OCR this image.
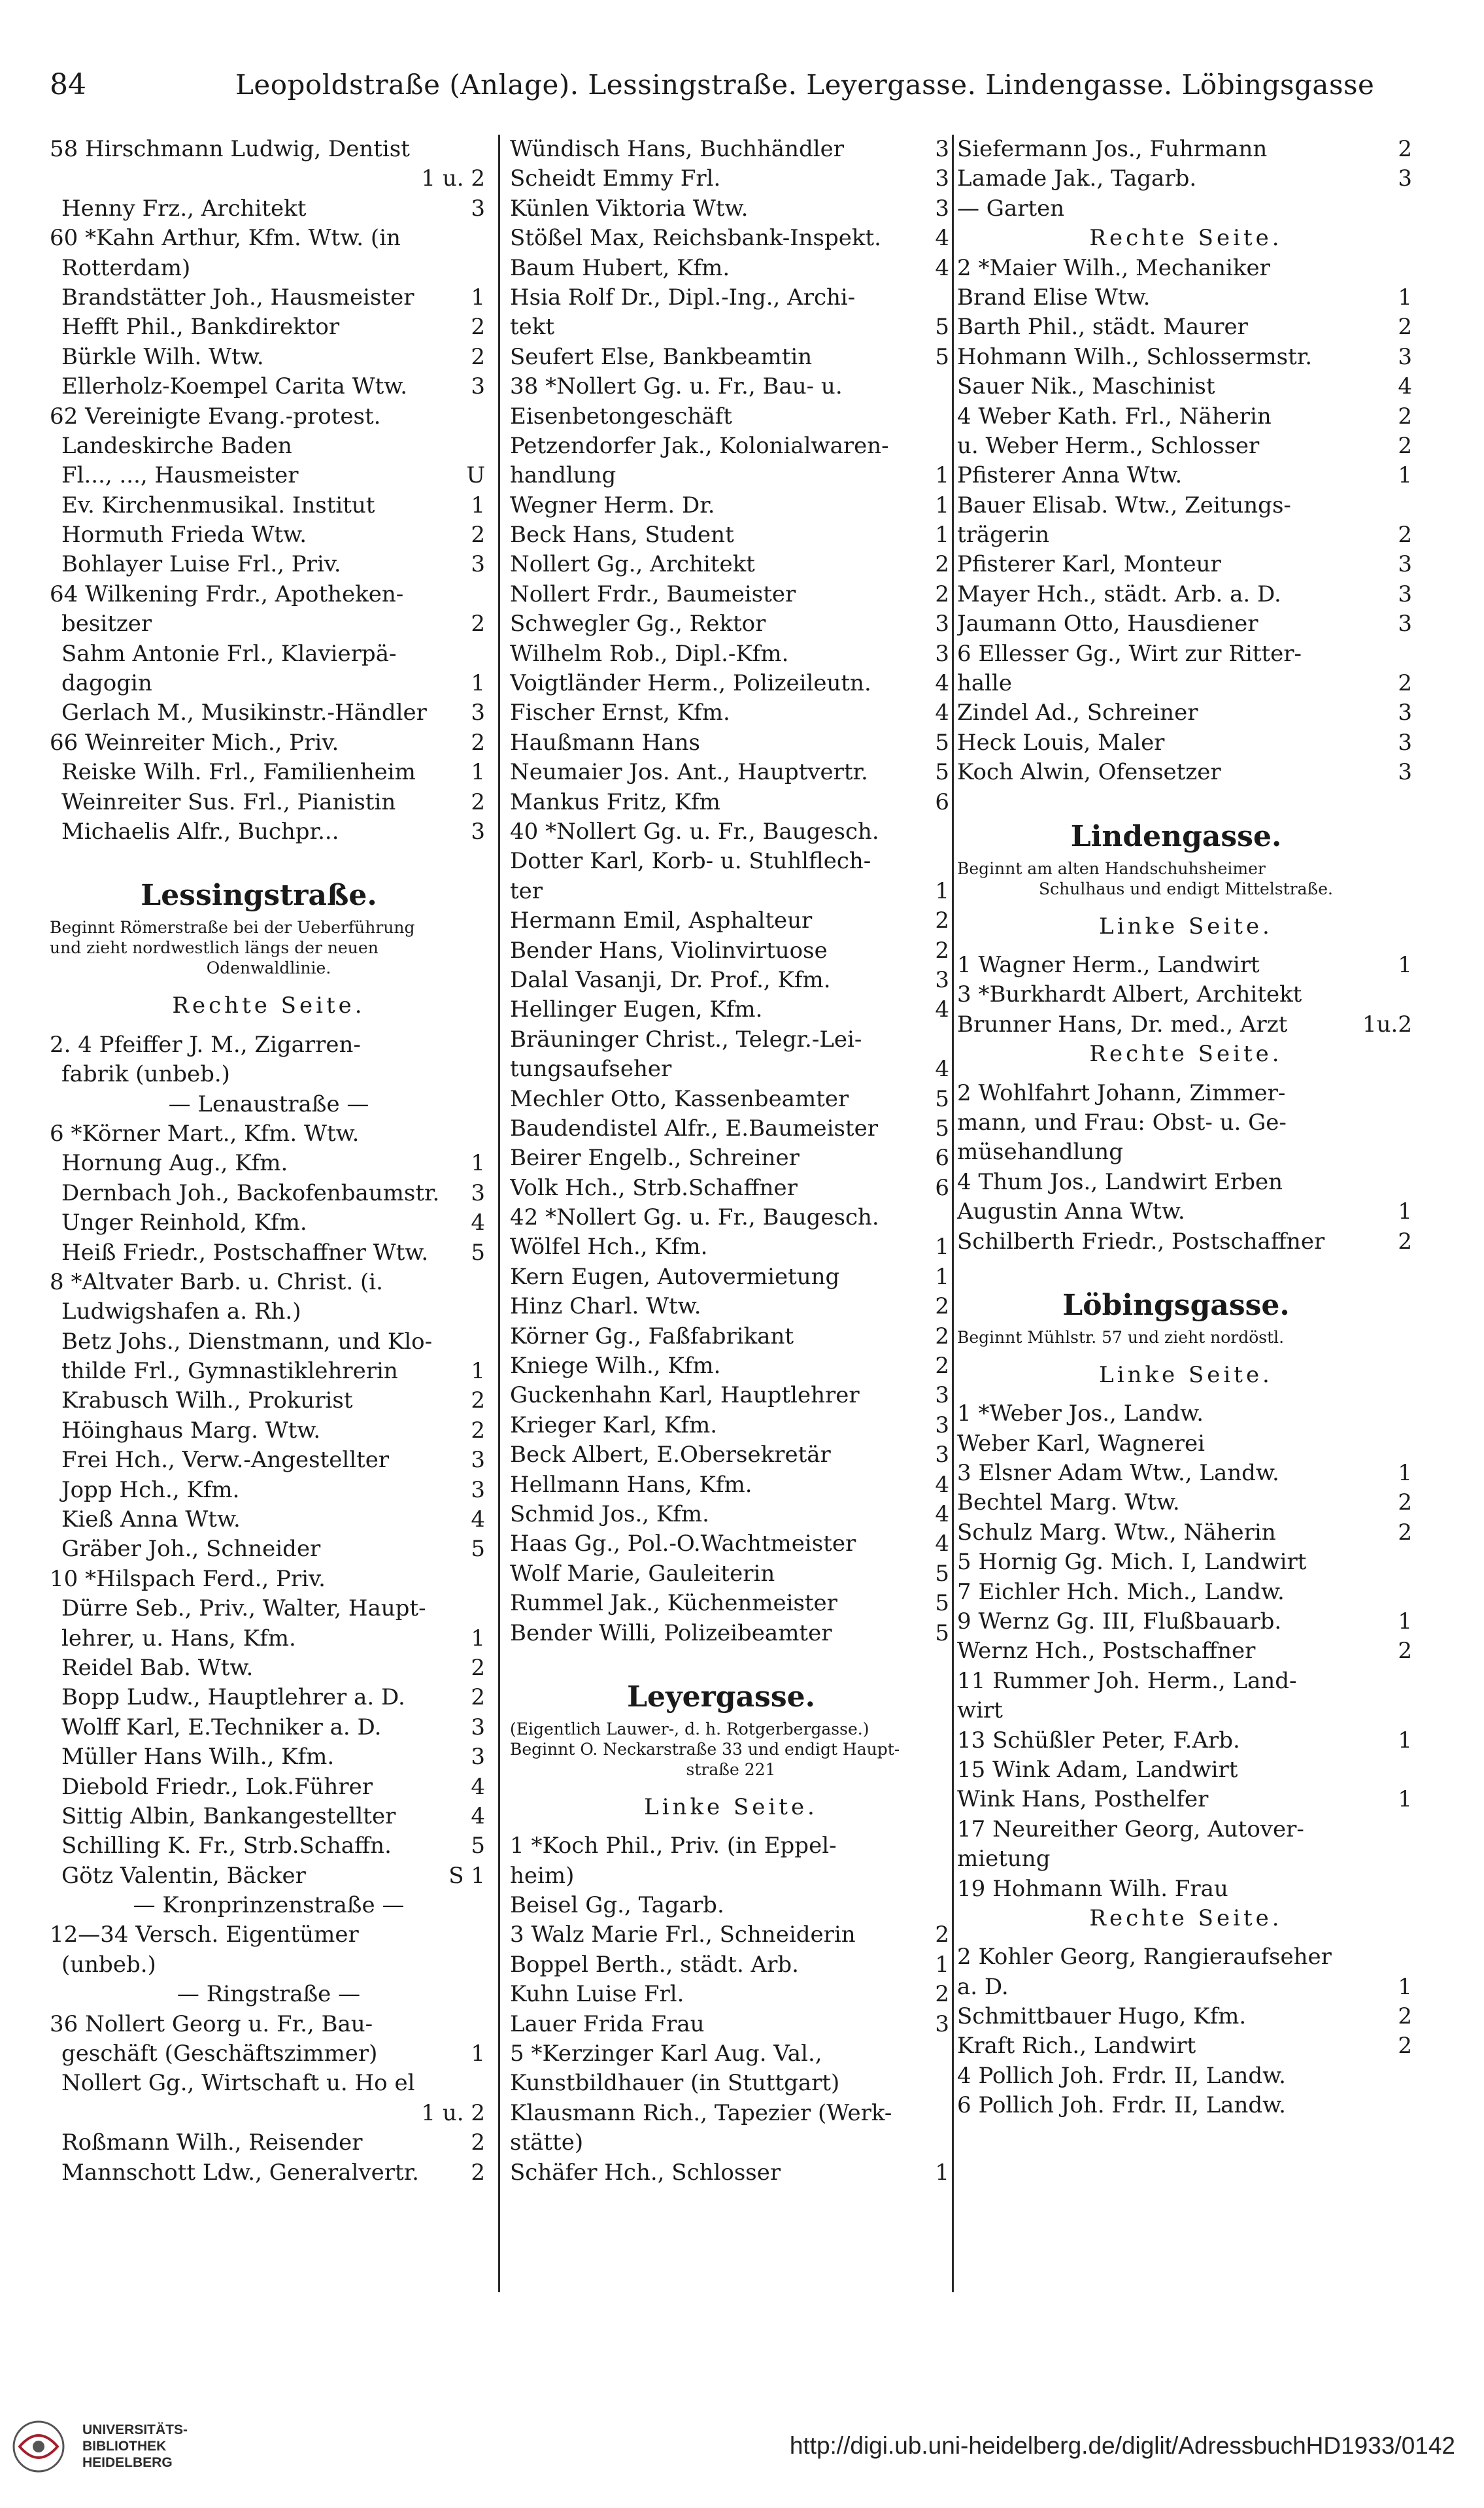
84	Leopoldstraße (Anlage). Lessingstraße. Leyergasse. Lindengasse. Löbingsgasse
58 Hirschmann Ludwig, Dentist
1 u. 2
Henny Frz., Architekt	3
60 *Kahn Arthur, Kfm. Wtw. (in
Rotterdam)
Brandstätter Joh., Hausmeister	1
Hefft Phil., Bankdirektor	2
Bürkle Wilh. Wtw.	2
Ellerholz-Koempel Carita Wtw.	3
62 Vereinigte Evang.-protest.
Landeskirche Baden
Fl..., ..., Hausmeister	U
Ev. Kirchenmusikal. Institut	1
Hormuth Frieda Wtw.	2
Bohlayer Luise Frl., Priv.	3
64 Wilkening Frdr., Apotheken-
besitzer	2
Sahm Antonie Frl., Klavierpä-
dagogin	1
Gerlach M., Musikinstr.-Händler	3
66 Weinreiter Mich., Priv.	2
Reiske Wilh. Frl., Familienheim	1
Weinreiter Sus. Frl., Pianistin	2
Michaelis Alfr., Buchpr...	3
Lessingstraße.
Beginnt Römerstraße bei der Ueberführung
und zieht nordwestlich längs der neuen
Odenwaldlinie.
Rechte Seite.
2. 4 Pfeiffer J. M., Zigarren-
fabrik (unbeb.)
— Lenaustraße —
6 *Körner Mart., Kfm. Wtw.
Hornung Aug., Kfm.	1
Dernbach Joh., Backofenbaumstr.	3
Unger Reinhold, Kfm.	4
Heiß Friedr., Postschaffner Wtw.	5
8 *Altvater Barb. u. Christ. (i.
Ludwigshafen a. Rh.)
Betz Johs., Dienstmann, und Klo-
thilde Frl., Gymnastiklehrerin	1
Krabusch Wilh., Prokurist	2
Höinghaus Marg. Wtw.	2
Frei Hch., Verw.-Angestellter	3
Jopp Hch., Kfm.	3
Kieß Anna Wtw.	4
Gräber Joh., Schneider	5
10 *Hilspach Ferd., Priv.
Dürre Seb., Priv., Walter, Haupt-
lehrer, u. Hans, Kfm.	1
Reidel Bab. Wtw.	2
Bopp Ludw., Hauptlehrer a. D.	2
Wolff Karl, E.Techniker a. D.	3
Müller Hans Wilh., Kfm.	3
Diebold Friedr., Lok.Führer	4
Sittig Albin, Bankangestellter	4
Schilling K. Fr., Strb.Schaffn.	5
Götz Valentin, Bäcker	S 1
— Kronprinzenstraße —
12—34 Versch. Eigentümer
(unbeb.)
— Ringstraße —
36 Nollert Georg u. Fr., Bau-
geschäft (Geschäftszimmer)	1
Nollert Gg., Wirtschaft u. Ho el
1 u. 2
Roßmann Wilh., Reisender	2
Mannschott Ldw., Generalvertr.	2
Wündisch Hans, Buchhändler	3
Scheidt Emmy Frl.	3
Künlen Viktoria Wtw.	3
Stößel Max, Reichsbank-Inspekt.	4
Baum Hubert, Kfm.	4
Hsia Rolf Dr., Dipl.-Ing., Archi-
tekt	5
Seufert Else, Bankbeamtin	5
38 *Nollert Gg. u. Fr., Bau- u.
Eisenbetongeschäft
Petzendorfer Jak., Kolonialwaren-
handlung	1
Wegner Herm. Dr.	1
Beck Hans, Student	1
Nollert Gg., Architekt	2
Nollert Frdr., Baumeister	2
Schwegler Gg., Rektor	3
Wilhelm Rob., Dipl.-Kfm.	3
Voigtländer Herm., Polizeileutn.	4
Fischer Ernst, Kfm.	4
Haußmann Hans	5
Neumaier Jos. Ant., Hauptvertr.	5
Mankus Fritz, Kfm	6
40 *Nollert Gg. u. Fr., Baugesch.
Dotter Karl, Korb- u. Stuhlflech-
ter	1
Hermann Emil, Asphalteur	2
Bender Hans, Violinvirtuose	2
Dalal Vasanji, Dr. Prof., Kfm.	3
Hellinger Eugen, Kfm.	4
Bräuninger Christ., Telegr.-Lei-
tungsaufseher	4
Mechler Otto, Kassenbeamter	5
Baudendistel Alfr., E.Baumeister	5
Beirer Engelb., Schreiner	6
Volk Hch., Strb.Schaffner	6
42 *Nollert Gg. u. Fr., Baugesch.
Wölfel Hch., Kfm.	1
Kern Eugen, Autovermietung	1
Hinz Charl. Wtw.	2
Körner Gg., Faßfabrikant	2
Kniege Wilh., Kfm.	2
Guckenhahn Karl, Hauptlehrer	3
Krieger Karl, Kfm.	3
Beck Albert, E.Obersekretär	3
Hellmann Hans, Kfm.	4
Schmid Jos., Kfm.	4
Haas Gg., Pol.-O.Wachtmeister	4
Wolf Marie, Gauleiterin	5
Rummel Jak., Küchenmeister	5
Bender Willi, Polizeibeamter	5
Leyergasse.
(Eigentlich Lauwer-, d. h. Rotgerbergasse.)
Beginnt O. Neckarstraße 33 und endigt Haupt-
straße 221
Linke Seite.
1 *Koch Phil., Priv. (in Eppel-
heim)
Beisel Gg., Tagarb.
3 Walz Marie Frl., Schneiderin	2
Boppel Berth., städt. Arb.	1
Kuhn Luise Frl.	2
Lauer Frida Frau	3
5 *Kerzinger Karl Aug. Val.,
Kunstbildhauer (in Stuttgart)
Klausmann Rich., Tapezier (Werk-
stätte)
Schäfer Hch., Schlosser	1
Siefermann Jos., Fuhrmann	2
Lamade Jak., Tagarb.	3
— Garten
Rechte Seite.
2 *Maier Wilh., Mechaniker
Brand Elise Wtw.	1
Barth Phil., städt. Maurer	2
Hohmann Wilh., Schlossermstr.	3
Sauer Nik., Maschinist	4
4 Weber Kath. Frl., Näherin	2
u. Weber Herm., Schlosser	2
Pfisterer Anna Wtw.	1
Bauer Elisab. Wtw., Zeitungs-
trägerin	2
Pfisterer Karl, Monteur	3
Mayer Hch., städt. Arb. a. D.	3
Jaumann Otto, Hausdiener	3
6 Ellesser Gg., Wirt zur Ritter-
halle	2
Zindel Ad., Schreiner	3
Heck Louis, Maler	3
Koch Alwin, Ofensetzer	3
Lindengasse.
Beginnt am alten Handschuhsheimer
Schulhaus und endigt Mittelstraße.
Linke Seite.
1 Wagner Herm., Landwirt	1
3 *Burkhardt Albert, Architekt
Brunner Hans, Dr. med., Arzt	1u.2
Rechte Seite.
2 Wohlfahrt Johann, Zimmer-
mann, und Frau: Obst- u. Ge-
müsehandlung
4 Thum Jos., Landwirt Erben
Augustin Anna Wtw.	1
Schilberth Friedr., Postschaffner	2
Löbingsgasse.
Beginnt Mühlstr. 57 und zieht nordöstl.
Linke Seite.
1 *Weber Jos., Landw.
Weber Karl, Wagnerei
3 Elsner Adam Wtw., Landw.	1
Bechtel Marg. Wtw.	2
Schulz Marg. Wtw., Näherin	2
5 Hornig Gg. Mich. I, Landwirt
7 Eichler Hch. Mich., Landw.
9 Wernz Gg. III, Flußbauarb.	1
Wernz Hch., Postschaffner	2
11 Rummer Joh. Herm., Land-
wirt
13 Schüßler Peter, F.Arb.	1
15 Wink Adam, Landwirt
Wink Hans, Posthelfer	1
17 Neureither Georg, Autover-
mietung
19 Hohmann Wilh. Frau
Rechte Seite.
2 Kohler Georg, Rangieraufseher
a. D.	1
Schmittbauer Hugo, Kfm.	2
Kraft Rich., Landwirt	2
4 Pollich Joh. Frdr. II, Landw.
6 Pollich Joh. Frdr. II, Landw.
UNIVERSITÄTS-
BIBLIOTHEK
HEIDELBERG
http://digi.ub.uni-heidelberg.de/diglit/AdressbuchHD1933/0142
